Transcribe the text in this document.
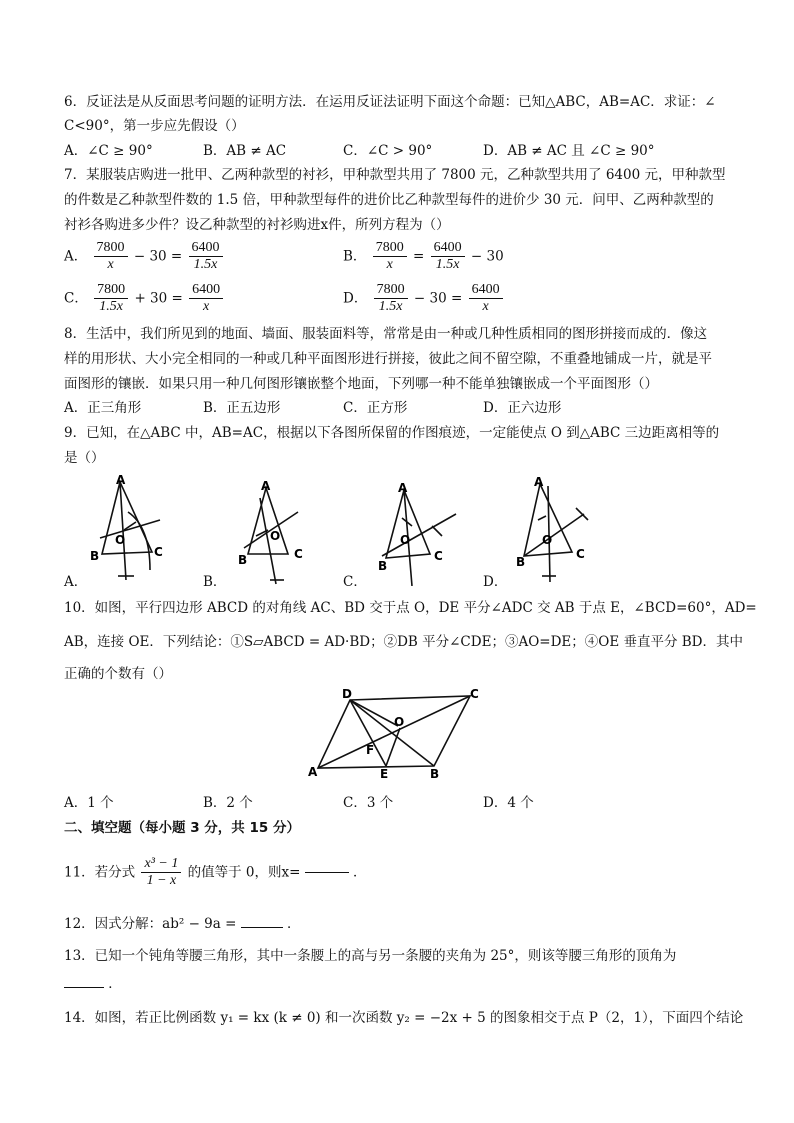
6．反证法是从反面思考问题的证明方法．在运用反证法证明下面这个命题：已知△ABC，AB=AC．求证：∠
C<90°，第一步应先假设（）
A．∠C ≥ 90°	B．AB ≠ AC	C．∠C > 90°	D．AB ≠ AC 且 ∠C ≥ 90°
7．某服装店购进一批甲、乙两种款型的衬衫，甲种款型共用了 7800 元，乙种款型共用了 6400 元，甲种款型
的件数是乙种款型件数的 1.5 倍，甲种款型每件的进价比乙种款型每件的进价少 30 元．问甲、乙两种款型的
衬衫各购进多少件？设乙种款型的衬衫购进x件，所列方程为（）
A． $\frac{7800}{x} - 30 = \frac{6400}{1.5x}$	B． $\frac{7800}{x} = \frac{6400}{1.5x} - 30$
C． $\frac{7800}{1.5x} + 30 = \frac{6400}{x}$	D． $\frac{7800}{1.5x} - 30 = \frac{6400}{x}$
8．生活中，我们所见到的地面、墙面、服装面料等，常常是由一种或几种性质相同的图形拼接而成的．像这
样的用形状、大小完全相同的一种或几种平面图形进行拼接，彼此之间不留空隙，不重叠地铺成一片，就是平
面图形的镶嵌．如果只用一种几何图形镶嵌整个地面，下列哪一种不能单独镶嵌成一个平面图形（）
A．正三角形	B．正五边形	C．正方形	D．正六边形
9．已知，在△ABC 中，AB=AC，根据以下各图所保留的作图痕迹，一定能使点 O 到△ABC 三边距离相等的
是（）
A
B	C
O
A
B	C
O
A
B
C
O
A
B
C
O
A．	B．	C．	D．
10．如图，平行四边形 ABCD 的对角线 AC、BD 交于点 O，DE 平分∠ADC 交 AB 于点 E，∠BCD=60°，AD=
AB，连接 OE．下列结论：①S▱ABCD = AD·BD；②DB 平分∠CDE；③AO=DE；④OE 垂直平分 BD．其中
正确的个数有（）
D	C
O
F
A	E	B
A．1 个	B．2 个	C．3 个	D．4 个
二、填空题（每小题 3 分，共 15 分）
11．若分式 $\frac{\text{x³ − 1}}{1 - x}$ 的值等于 0，则x=	．
12．因式分解：ab² − 9a =	．
13．已知一个钝角等腰三角形，其中一条腰上的高与另一条腰的夹角为 25°，则该等腰三角形的顶角为
．
14．如图，若正比例函数 y₁ = kx (k ≠ 0) 和一次函数 y₂ = −2x + 5 的图象相交于点 P（2，1），下面四个结论
